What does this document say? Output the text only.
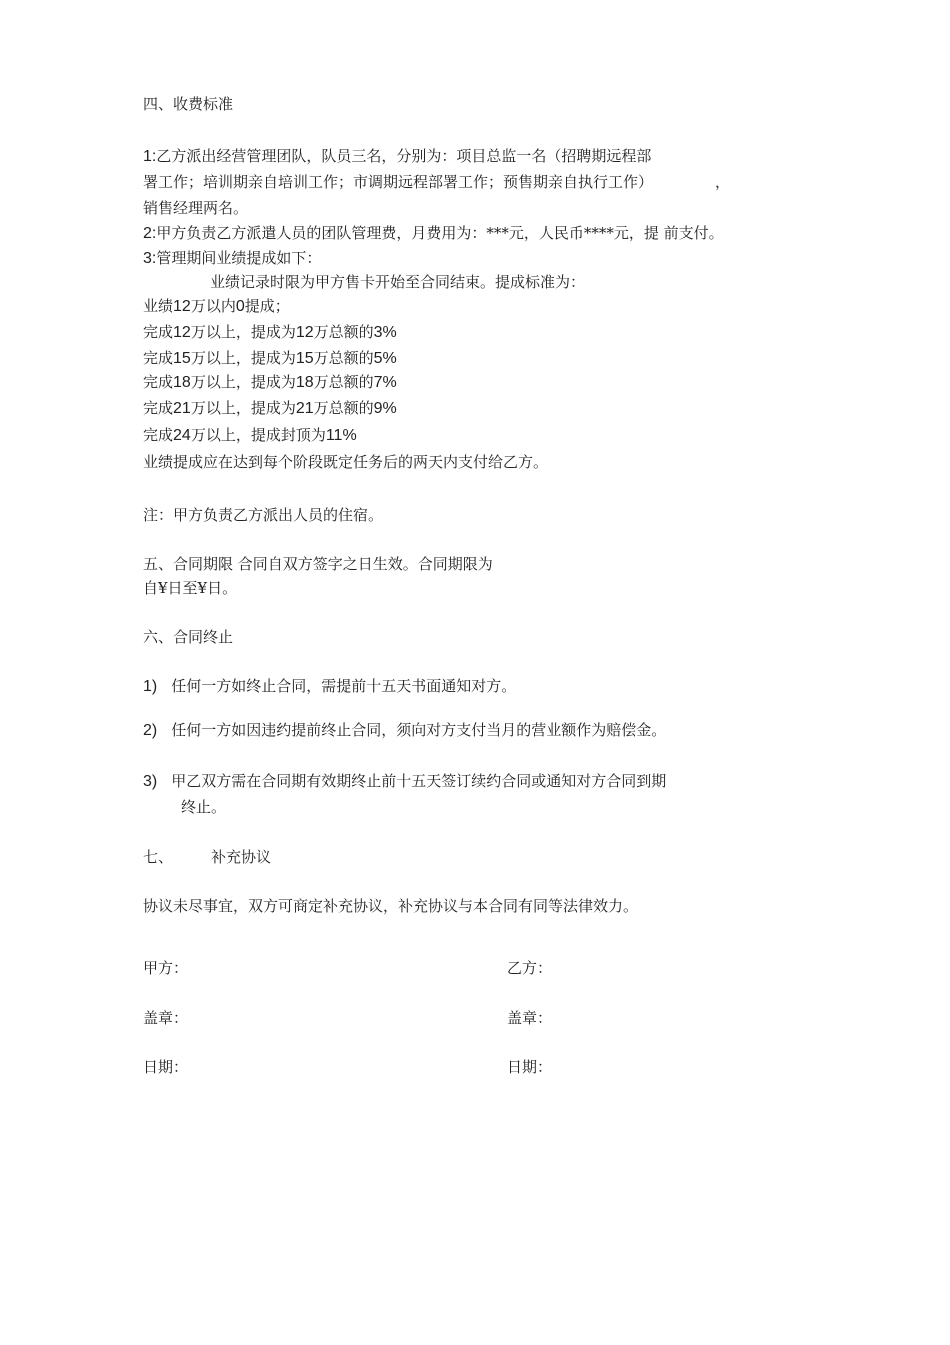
四、收费标准
1:乙方派出经营管理团队，队员三名，分别为：项目总监一名（招聘期远程部
署工作；培训期亲自培训工作；市调期远程部署工作；预售期亲自执行工作）	，
销售经理两名。
2:甲方负责乙方派遣人员的团队管理费，月费用为：***元，人民币****元，提 前支付。
3:管理期间业绩提成如下：
业绩记录时限为甲方售卡开始至合同结束。提成标准为：
业绩12万以内0提成；
完成12万以上，提成为12万总额的3%
完成15万以上，提成为15万总额的5%
完成18万以上，提成为18万总额的7%
完成21万以上，提成为21万总额的9%
完成24万以上，提成封顶为11%
业绩提成应在达到每个阶段既定任务后的两天内支付给乙方。
注：甲方负责乙方派出人员的住宿。
五、合同期限 合同自双方签字之日生效。合同期限为
自¥日至¥日。
六、合同终止
1) 任何一方如终止合同，需提前十五天书面通知对方。
2) 任何一方如因违约提前终止合同，须向对方支付当月的营业额作为赔偿金。
3) 甲乙双方需在合同期有效期终止前十五天签订续约合同或通知对方合同到期
终止。
七、	补充协议
协议未尽事宜，双方可商定补充协议，补充协议与本合同有同等法律效力。
甲方：	乙方：
盖章：	盖章：
日期：	日期：
